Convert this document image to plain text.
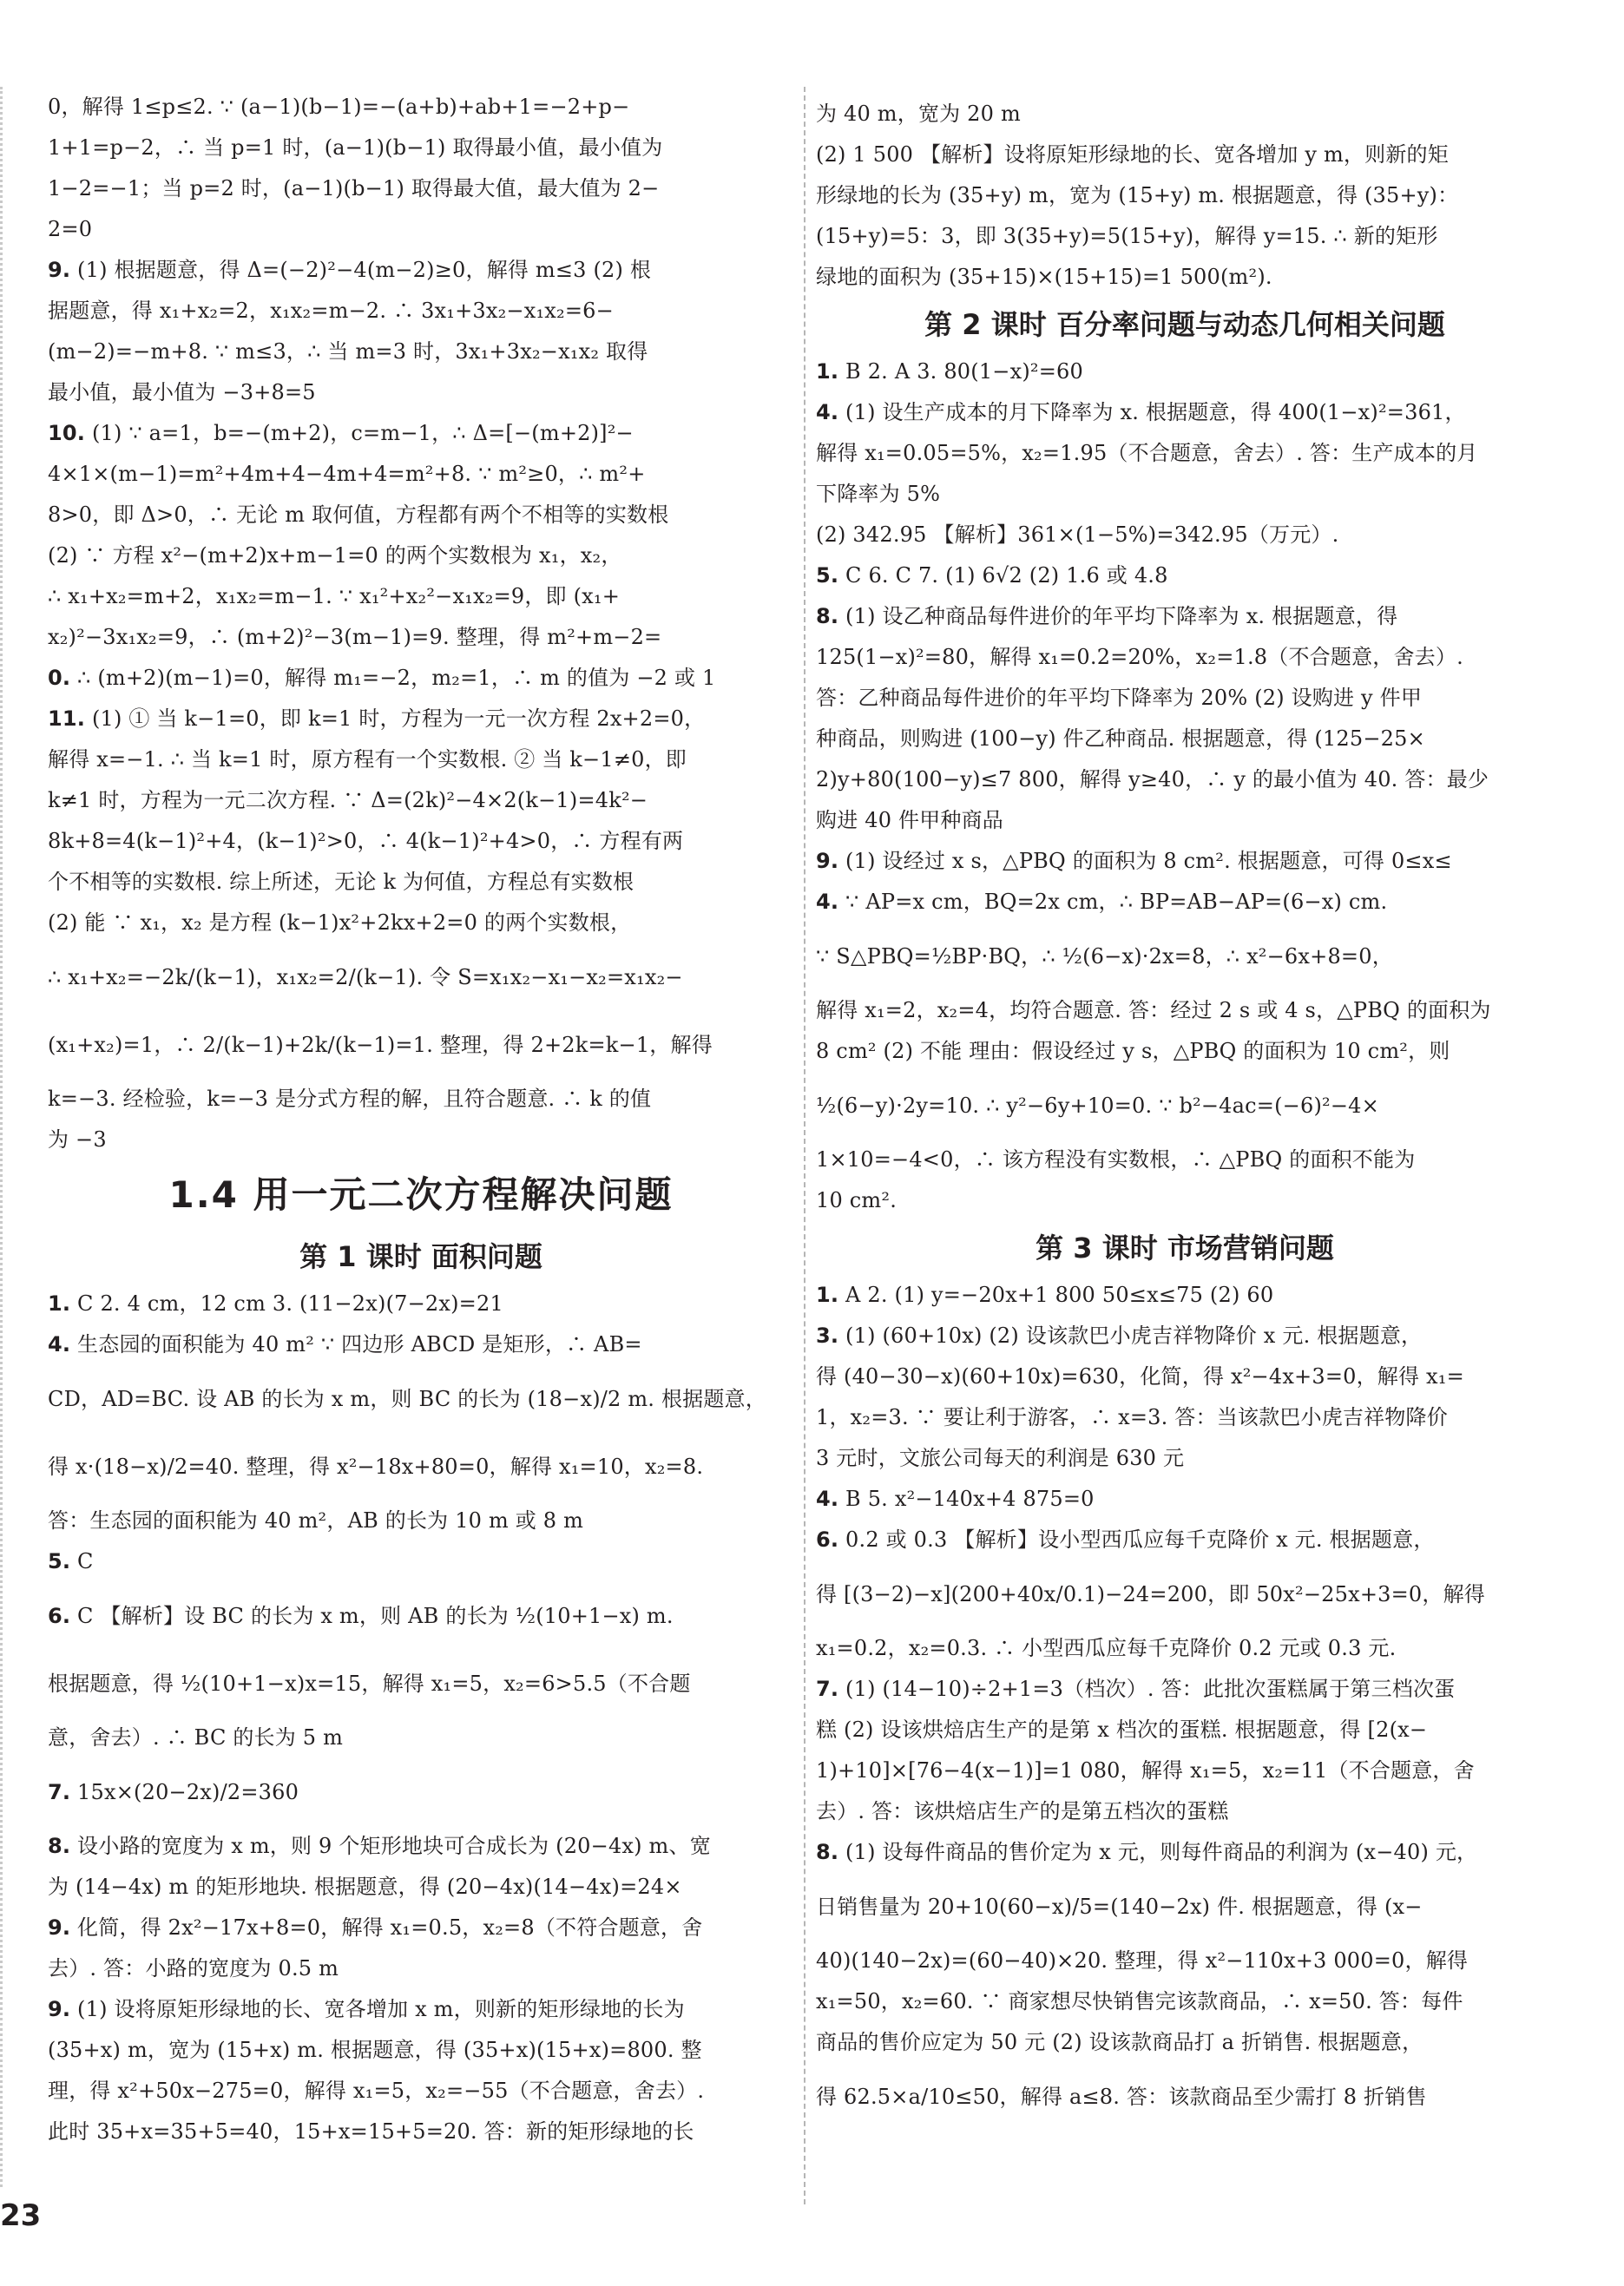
0，解得 1≤p≤2. ∵ (a−1)(b−1)=−(a+b)+ab+1=−2+p−
1+1=p−2，∴ 当 p=1 时，(a−1)(b−1) 取得最小值，最小值为
1−2=−1；当 p=2 时，(a−1)(b−1) 取得最大值，最大值为 2−
2=0
9. (1) 根据题意，得 Δ=(−2)²−4(m−2)≥0，解得 m≤3 (2) 根
据题意，得 x₁+x₂=2，x₁x₂=m−2. ∴ 3x₁+3x₂−x₁x₂=6−
(m−2)=−m+8. ∵ m≤3，∴ 当 m=3 时，3x₁+3x₂−x₁x₂ 取得
最小值，最小值为 −3+8=5
10. (1) ∵ a=1，b=−(m+2)，c=m−1，∴ Δ=[−(m+2)]²−
4×1×(m−1)=m²+4m+4−4m+4=m²+8. ∵ m²≥0，∴ m²+
8>0，即 Δ>0，∴ 无论 m 取何值，方程都有两个不相等的实数根
(2) ∵ 方程 x²−(m+2)x+m−1=0 的两个实数根为 x₁，x₂，
∴ x₁+x₂=m+2，x₁x₂=m−1. ∵ x₁²+x₂²−x₁x₂=9，即 (x₁+
x₂)²−3x₁x₂=9，∴ (m+2)²−3(m−1)=9. 整理，得 m²+m−2=
0. ∴ (m+2)(m−1)=0，解得 m₁=−2，m₂=1，∴ m 的值为 −2 或 1
11. (1) ① 当 k−1=0，即 k=1 时，方程为一元一次方程 2x+2=0，
解得 x=−1. ∴ 当 k=1 时，原方程有一个实数根. ② 当 k−1≠0，即
k≠1 时，方程为一元二次方程. ∵ Δ=(2k)²−4×2(k−1)=4k²−
8k+8=4(k−1)²+4，(k−1)²>0，∴ 4(k−1)²+4>0，∴ 方程有两
个不相等的实数根. 综上所述，无论 k 为何值，方程总有实数根
(2) 能 ∵ x₁，x₂ 是方程 (k−1)x²+2kx+2=0 的两个实数根，
∴ x₁+x₂=−2k/(k−1)，x₁x₂=2/(k−1). 令 S=x₁x₂−x₁−x₂=x₁x₂−
(x₁+x₂)=1，∴ 2/(k−1)+2k/(k−1)=1. 整理，得 2+2k=k−1，解得
k=−3. 经检验，k=−3 是分式方程的解，且符合题意. ∴ k 的值
为 −3
1.4 用一元二次方程解决问题
第 1 课时 面积问题
1. C 2. 4 cm，12 cm 3. (11−2x)(7−2x)=21
4. 生态园的面积能为 40 m² ∵ 四边形 ABCD 是矩形，∴ AB=
CD，AD=BC. 设 AB 的长为 x m，则 BC 的长为 (18−x)/2 m. 根据题意，
得 x·(18−x)/2=40. 整理，得 x²−18x+80=0，解得 x₁=10，x₂=8.
答：生态园的面积能为 40 m²，AB 的长为 10 m 或 8 m
5. C
6. C 【解析】设 BC 的长为 x m，则 AB 的长为 ½(10+1−x) m.
根据题意，得 ½(10+1−x)x=15，解得 x₁=5，x₂=6>5.5（不合题
意，舍去）. ∴ BC 的长为 5 m
7. 15x×(20−2x)/2=360
8. 设小路的宽度为 x m，则 9 个矩形地块可合成长为 (20−4x) m、宽
为 (14−4x) m 的矩形地块. 根据题意，得 (20−4x)(14−4x)=24×
9. 化简，得 2x²−17x+8=0，解得 x₁=0.5，x₂=8（不符合题意，舍
去）. 答：小路的宽度为 0.5 m
9. (1) 设将原矩形绿地的长、宽各增加 x m，则新的矩形绿地的长为
(35+x) m，宽为 (15+x) m. 根据题意，得 (35+x)(15+x)=800. 整
理，得 x²+50x−275=0，解得 x₁=5，x₂=−55（不合题意，舍去）.
此时 35+x=35+5=40，15+x=15+5=20. 答：新的矩形绿地的长
为 40 m，宽为 20 m
(2) 1 500 【解析】设将原矩形绿地的长、宽各增加 y m，则新的矩
形绿地的长为 (35+y) m，宽为 (15+y) m. 根据题意，得 (35+y)：
(15+y)=5：3，即 3(35+y)=5(15+y)，解得 y=15. ∴ 新的矩形
绿地的面积为 (35+15)×(15+15)=1 500(m²).
第 2 课时 百分率问题与动态几何相关问题
1. B 2. A 3. 80(1−x)²=60
4. (1) 设生产成本的月下降率为 x. 根据题意，得 400(1−x)²=361，
解得 x₁=0.05=5%，x₂=1.95（不合题意，舍去）. 答：生产成本的月
下降率为 5%
(2) 342.95 【解析】361×(1−5%)=342.95（万元）.
5. C 6. C 7. (1) 6√2 (2) 1.6 或 4.8
8. (1) 设乙种商品每件进价的年平均下降率为 x. 根据题意，得
125(1−x)²=80，解得 x₁=0.2=20%，x₂=1.8（不合题意，舍去）.
答：乙种商品每件进价的年平均下降率为 20% (2) 设购进 y 件甲
种商品，则购进 (100−y) 件乙种商品. 根据题意，得 (125−25×
2)y+80(100−y)≤7 800，解得 y≥40，∴ y 的最小值为 40. 答：最少
购进 40 件甲种商品
9. (1) 设经过 x s，△PBQ 的面积为 8 cm². 根据题意，可得 0≤x≤
4. ∵ AP=x cm，BQ=2x cm，∴ BP=AB−AP=(6−x) cm.
∵ S△PBQ=½BP·BQ，∴ ½(6−x)·2x=8，∴ x²−6x+8=0，
解得 x₁=2，x₂=4，均符合题意. 答：经过 2 s 或 4 s，△PBQ 的面积为
8 cm² (2) 不能 理由：假设经过 y s，△PBQ 的面积为 10 cm²，则
½(6−y)·2y=10. ∴ y²−6y+10=0. ∵ b²−4ac=(−6)²−4×
1×10=−4<0，∴ 该方程没有实数根，∴ △PBQ 的面积不能为
10 cm².
第 3 课时 市场营销问题
1. A 2. (1) y=−20x+1 800 50≤x≤75 (2) 60
3. (1) (60+10x) (2) 设该款巴小虎吉祥物降价 x 元. 根据题意，
得 (40−30−x)(60+10x)=630，化简，得 x²−4x+3=0，解得 x₁=
1，x₂=3. ∵ 要让利于游客，∴ x=3. 答：当该款巴小虎吉祥物降价
3 元时，文旅公司每天的利润是 630 元
4. B 5. x²−140x+4 875=0
6. 0.2 或 0.3 【解析】设小型西瓜应每千克降价 x 元. 根据题意，
得 [(3−2)−x](200+40x/0.1)−24=200，即 50x²−25x+3=0，解得
x₁=0.2，x₂=0.3. ∴ 小型西瓜应每千克降价 0.2 元或 0.3 元.
7. (1) (14−10)÷2+1=3（档次）. 答：此批次蛋糕属于第三档次蛋
糕 (2) 设该烘焙店生产的是第 x 档次的蛋糕. 根据题意，得 [2(x−
1)+10]×[76−4(x−1)]=1 080，解得 x₁=5，x₂=11（不合题意，舍
去）. 答：该烘焙店生产的是第五档次的蛋糕
8. (1) 设每件商品的售价定为 x 元，则每件商品的利润为 (x−40) 元，
日销售量为 20+10(60−x)/5=(140−2x) 件. 根据题意，得 (x−
40)(140−2x)=(60−40)×20. 整理，得 x²−110x+3 000=0，解得
x₁=50，x₂=60. ∵ 商家想尽快销售完该款商品，∴ x=50. 答：每件
商品的售价应定为 50 元 (2) 设该款商品打 a 折销售. 根据题意，
得 62.5×a/10≤50，解得 a≤8. 答：该款商品至少需打 8 折销售
23
